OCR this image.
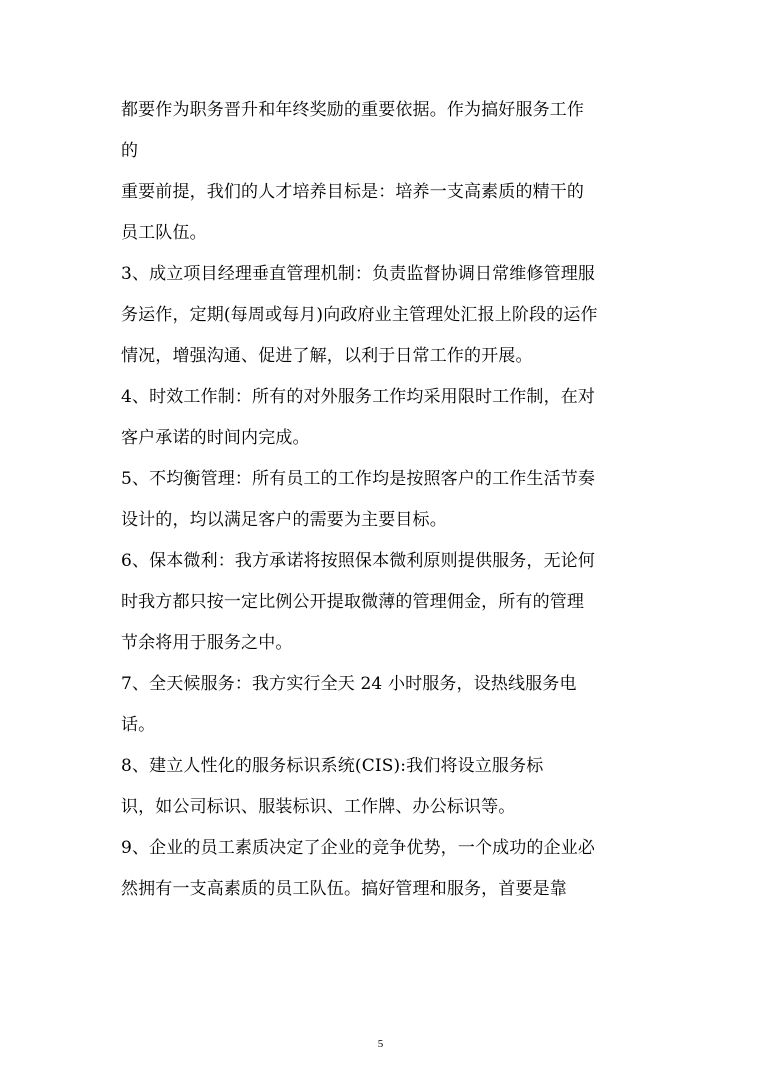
都要作为职务晋升和年终奖励的重要依据。作为搞好服务工作
的
重要前提，我们的人才培养目标是：培养一支高素质的精干的
员工队伍。
3、成立项目经理垂直管理机制：负责监督协调日常维修管理服
务运作，定期(每周或每月)向政府业主管理处汇报上阶段的运作
情况，增强沟通、促进了解，以利于日常工作的开展。
4、时效工作制：所有的对外服务工作均采用限时工作制，在对
客户承诺的时间内完成。
5、不均衡管理：所有员工的工作均是按照客户的工作生活节奏
设计的，均以满足客户的需要为主要目标。
6、保本微利：我方承诺将按照保本微利原则提供服务，无论何
时我方都只按一定比例公开提取微薄的管理佣金，所有的管理
节余将用于服务之中。
7、全天候服务：我方实行全天 24 小时服务，设热线服务电
话。
8、建立人性化的服务标识系统(CIS):我们将设立服务标
识，如公司标识、服装标识、工作牌、办公标识等。
9、企业的员工素质决定了企业的竞争优势，一个成功的企业必
然拥有一支高素质的员工队伍。搞好管理和服务，首要是靠
5
